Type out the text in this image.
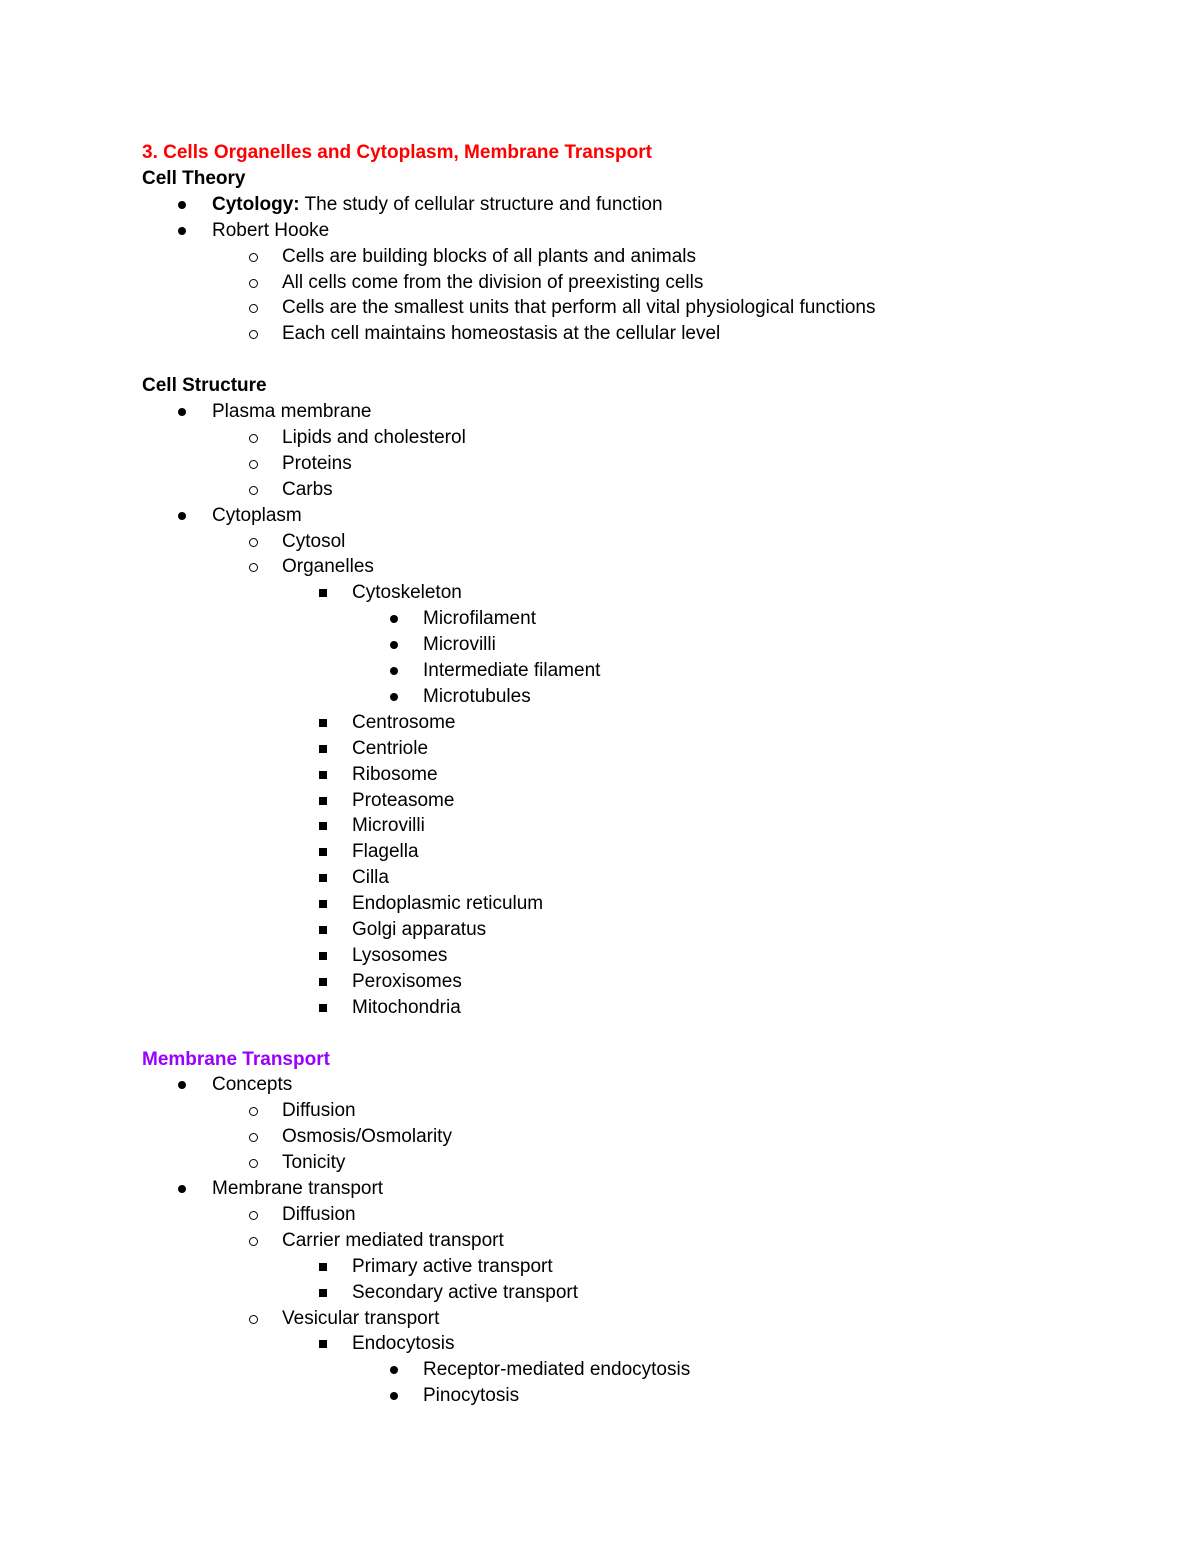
3. Cells Organelles and Cytoplasm, Membrane Transport
Cell Theory
Cytology: The study of cellular structure and function
Robert Hooke
Cells are building blocks of all plants and animals
All cells come from the division of preexisting cells
Cells are the smallest units that perform all vital physiological functions
Each cell maintains homeostasis at the cellular level
Cell Structure
Plasma membrane
Lipids and cholesterol
Proteins
Carbs
Cytoplasm
Cytosol
Organelles
Cytoskeleton
Microfilament
Microvilli
Intermediate filament
Microtubules
Centrosome
Centriole
Ribosome
Proteasome
Microvilli
Flagella
Cilla
Endoplasmic reticulum
Golgi apparatus
Lysosomes
Peroxisomes
Mitochondria
Membrane Transport
Concepts
Diffusion
Osmosis/Osmolarity
Tonicity
Membrane transport
Diffusion
Carrier mediated transport
Primary active transport
Secondary active transport
Vesicular transport
Endocytosis
Receptor-mediated endocytosis
Pinocytosis
